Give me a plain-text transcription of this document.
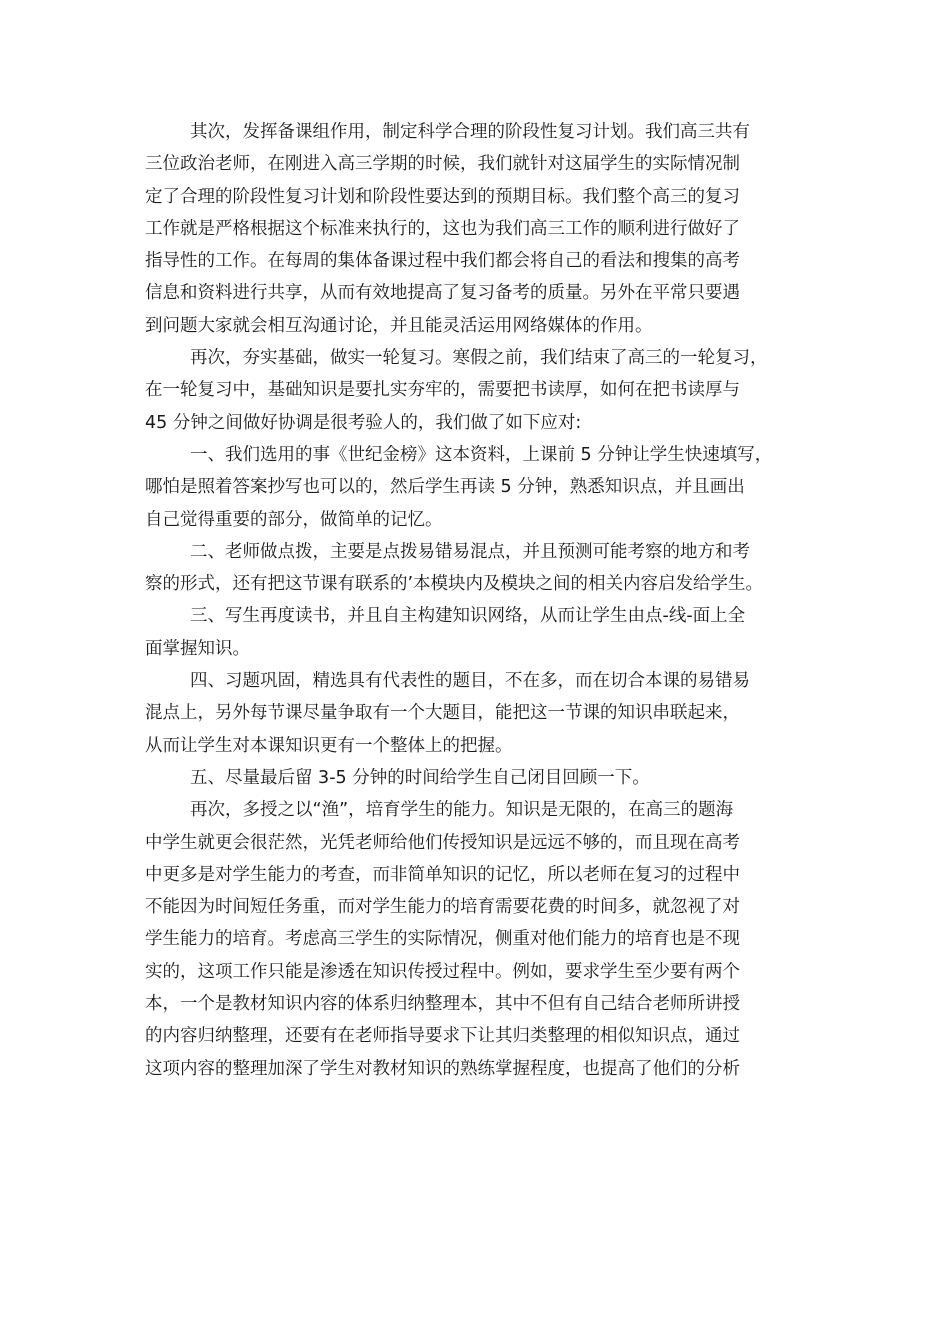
其次，发挥备课组作用，制定科学合理的阶段性复习计划。我们高三共有
三位政治老师，在刚进入高三学期的时候，我们就针对这届学生的实际情况制
定了合理的阶段性复习计划和阶段性要达到的预期目标。我们整个高三的复习
工作就是严格根据这个标准来执行的，这也为我们高三工作的顺利进行做好了
指导性的工作。在每周的集体备课过程中我们都会将自己的看法和搜集的高考
信息和资料进行共享，从而有效地提高了复习备考的质量。另外在平常只要遇
到问题大家就会相互沟通讨论，并且能灵活运用网络媒体的作用。
再次，夯实基础，做实一轮复习。寒假之前，我们结束了高三的一轮复习，
在一轮复习中，基础知识是要扎实夯牢的，需要把书读厚，如何在把书读厚与
45 分钟之间做好协调是很考验人的，我们做了如下应对:
一、我们选用的事《世纪金榜》这本资料，上课前 5 分钟让学生快速填写，
哪怕是照着答案抄写也可以的，然后学生再读 5 分钟，熟悉知识点，并且画出
自己觉得重要的部分，做简单的记忆。
二、老师做点拨，主要是点拨易错易混点，并且预测可能考察的地方和考
察的形式，还有把这节课有联系的’本模块内及模块之间的相关内容启发给学生。
三、写生再度读书，并且自主构建知识网络，从而让学生由点-线-面上全
面掌握知识。
四、习题巩固，精选具有代表性的题目，不在多，而在切合本课的易错易
混点上，另外每节课尽量争取有一个大题目，能把这一节课的知识串联起来，
从而让学生对本课知识更有一个整体上的把握。
五、尽量最后留 3-5 分钟的时间给学生自己闭目回顾一下。
再次，多授之以“渔”，培育学生的能力。知识是无限的，在高三的题海
中学生就更会很茫然，光凭老师给他们传授知识是远远不够的，而且现在高考
中更多是对学生能力的考查，而非简单知识的记忆，所以老师在复习的过程中
不能因为时间短任务重，而对学生能力的培育需要花费的时间多，就忽视了对
学生能力的培育。考虑高三学生的实际情况，侧重对他们能力的培育也是不现
实的，这项工作只能是渗透在知识传授过程中。例如，要求学生至少要有两个
本，一个是教材知识内容的体系归纳整理本，其中不但有自己结合老师所讲授
的内容归纳整理，还要有在老师指导要求下让其归类整理的相似知识点，通过
这项内容的整理加深了学生对教材知识的熟练掌握程度，也提高了他们的分析
